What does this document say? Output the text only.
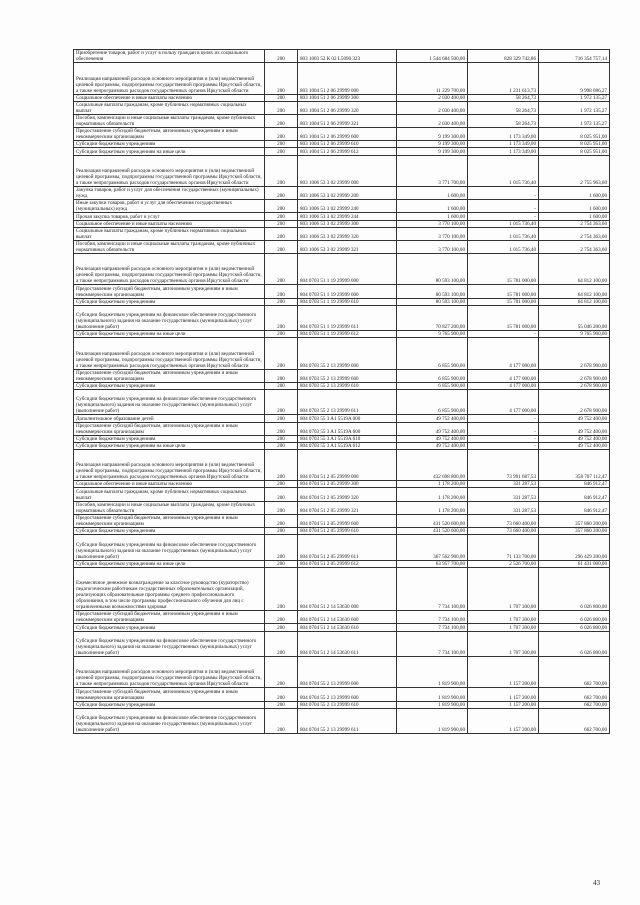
Приобретение товаров, работ и услуг в пользу граждан в целях их социального обеспечения	200	803 1003 52 К 02 L5090 323	1 544 684 500,00	828 329 742,86	716 354 757,14
Реализация направлений расходов основного мероприятия и (или) ведомственной целевой программы, подпрограммы государственной программы Иркутской области, а также непрограммных расходов государственных органов Иркутской области	200	803 1004 51 2 06 29999 000	11 229 700,00	1 231 613,73	9 998 086,27
Социальное обеспечение и иные выплаты населению	200	803 1004 51 2 06 29999 300	2 030 400,00	58 264,73	1 972 135,27
Социальные выплаты гражданам, кроме публичных нормативных социальных выплат	200	803 1004 51 2 06 29999 320	2 030 400,00	58 264,73	1 972 135,27
Пособия, компенсации и иные социальные выплаты гражданам, кроме публичных нормативных обязательств	200	803 1004 51 2 06 29999 321	2 030 400,00	58 264,73	1 972 135,27
Предоставление субсидий бюджетным, автономным учреждениям и иным некоммерческим организациям	200	803 1004 51 2 06 29999 600	9 199 300,00	1 173 349,00	8 025 951,00
Субсидии бюджетным учреждениям	200	803 1004 51 2 06 29999 610	9 199 300,00	1 173 349,00	8 025 951,00
Субсидии бюджетным учреждениям на иные цели	200	803 1004 51 2 06 29999 612	9 199 300,00	1 173 349,00	8 025 951,00
Реализация направлений расходов основного мероприятия и (или) ведомственной целевой программы, подпрограммы государственной программы Иркутской области, а также непрограммных расходов государственных органов Иркутской области	200	803 1006 53 3 02 29999 000	3 771 700,00	1 015 736,40	2 755 963,60
Закупка товаров, работ и услуг для обеспечения государственных (муниципальных) нужд	200	803 1006 53 3 02 29999 200	1 600,00	-	1 600,00
Иные закупки товаров, работ и услуг для обеспечения государственных (муниципальных) нужд	200	803 1006 53 3 02 29999 240	1 600,00	-	1 600,00
Прочая закупка товаров, работ и услуг	200	803 1006 53 3 02 29999 244	1 600,00	-	1 600,00
Социальное обеспечение и иные выплаты населению	200	803 1006 53 3 02 29999 300	3 770 100,00	1 015 736,40	2 754 363,60
Социальные выплаты гражданам, кроме публичных нормативных социальных выплат	200	803 1006 53 3 02 29999 320	3 770 100,00	1 015 736,40	2 754 363,60
Пособия, компенсации и иные социальные выплаты гражданам, кроме публичных нормативных обязательств	200	803 1006 53 3 02 29999 321	3 770 100,00	1 015 736,40	2 754 363,60
Реализация направлений расходов основного мероприятия и (или) ведомственной целевой программы, подпрограммы государственной программы Иркутской области, а также непрограммных расходов государственных органов Иркутской области	200	804 0703 51 1 19 29999 000	80 593 100,00	15 781 000,00	64 812 100,00
Предоставление субсидий бюджетным, автономным учреждениям и иным некоммерческим организациям	200	804 0703 51 1 19 29999 600	80 593 100,00	15 781 000,00	64 812 100,00
Субсидии бюджетным учреждениям	200	804 0703 51 1 19 29999 610	80 593 100,00	15 781 000,00	64 812 100,00
Субсидии бюджетным учреждениям на финансовое обеспечение государственного (муниципального) задания на оказание государственных (муниципальных) услуг (выполнение работ)	200	804 0703 51 1 19 29999 611	70 827 200,00	15 781 000,00	55 046 200,00
Субсидии бюджетным учреждениям на иные цели	200	804 0703 51 1 19 29999 612	9 765 900,00	-	9 765 900,00
Реализация направлений расходов основного мероприятия и (или) ведомственной целевой программы, подпрограммы государственной программы Иркутской области, а также непрограммных расходов государственных органов Иркутской области	200	804 0703 55 2 13 29999 000	6 855 900,00	4 177 000,00	2 678 900,00
Предоставление субсидий бюджетным, автономным учреждениям и иным некоммерческим организациям	200	804 0703 55 2 13 29999 600	6 855 900,00	4 177 000,00	2 678 900,00
Субсидии бюджетным учреждениям	200	804 0703 55 2 13 29999 610	6 855 900,00	4 177 000,00	2 678 900,00
Субсидии бюджетным учреждениям на финансовое обеспечение государственного (муниципального) задания на оказание государственных (муниципальных) услуг (выполнение работ)	200	804 0703 55 2 13 29999 611	6 855 900,00	4 177 000,00	2 678 900,00
Дополнительное образование детей	200	804 0703 55 3 A1 5519A 000	49 752 400,00	-	49 752 400,00
Предоставление субсидий бюджетным, автономным учреждениям и иным некоммерческим организациям	200	804 0703 55 3 A1 5519A 600	49 752 400,00	-	49 752 400,00
Субсидии бюджетным учреждениям	200	804 0703 55 3 A1 5519A 610	49 752 400,00	-	49 752 400,00
Субсидии бюджетным учреждениям на иные цели	200	804 0703 55 3 A1 5519A 612	49 752 400,00	-	49 752 400,00
Реализация направлений расходов основного мероприятия и (или) ведомственной целевой программы, подпрограммы государственной программы Иркутской области, а также непрограммных расходов государственных органов Иркутской области	200	804 0704 51 2 05 29999 000	432 698 800,00	73 991 687,53	358 707 112,47
Социальное обеспечение и иные выплаты населению	200	804 0704 51 2 05 29999 300	1 178 200,00	331 287,53	846 912,47
Социальные выплаты гражданам, кроме публичных нормативных социальных выплат	200	804 0704 51 2 05 29999 320	1 178 200,00	331 287,53	846 912,47
Пособия, компенсации и иные социальные выплаты гражданам, кроме публичных нормативных обязательств	200	804 0704 51 2 05 29999 321	1 178 200,00	331 287,53	846 912,47
Предоставление субсидий бюджетным, автономным учреждениям и иным некоммерческим организациям	200	804 0704 51 2 05 29999 600	431 520 600,00	73 660 400,00	357 860 200,00
Субсидии бюджетным учреждениям	200	804 0704 51 2 05 29999 610	431 520 600,00	73 660 400,00	357 860 200,00
Субсидии бюджетным учреждениям на финансовое обеспечение государственного (муниципального) задания на оказание государственных (муниципальных) услуг (выполнение работ)	200	804 0704 51 2 05 29999 611	367 562 900,00	71 133 700,00	296 429 200,00
Субсидии бюджетным учреждениям на иные цели	200	804 0704 51 2 05 29999 612	63 957 700,00	2 526 700,00	61 431 000,00
Ежемесячное денежное вознаграждение за классное руководство (кураторство) педагогическим работникам государственных образовательных организаций, реализующих образовательные программы среднего профессионального образования, в том числе программы профессионального обучения для лиц с ограниченными возможностями здоровья	200	804 0704 51 2 14 53630 000	7 734 100,00	1 707 300,00	6 026 800,00
Предоставление субсидий бюджетным, автономным учреждениям и иным некоммерческим организациям	200	804 0704 51 2 14 53630 600	7 734 100,00	1 707 300,00	6 026 800,00
Субсидии бюджетным учреждениям	200	804 0704 51 2 14 53630 610	7 734 100,00	1 707 300,00	6 026 800,00
Субсидии бюджетным учреждениям на финансовое обеспечение государственного (муниципального) задания на оказание государственных (муниципальных) услуг (выполнение работ)	200	804 0704 51 2 14 53630 611	7 734 100,00	1 707 300,00	6 026 800,00
Реализация направлений расходов основного мероприятия и (или) ведомственной целевой программы, подпрограммы государственной программы Иркутской области, а также непрограммных расходов государственных органов Иркутской области	200	804 0704 55 2 13 29999 000	1 819 900,00	1 157 200,00	662 700,00
Предоставление субсидий бюджетным, автономным учреждениям и иным некоммерческим организациям	200	804 0704 55 2 13 29999 600	1 819 900,00	1 157 200,00	662 700,00
Субсидии бюджетным учреждениям	200	804 0704 55 2 13 29999 610	1 819 900,00	1 157 200,00	662 700,00
Субсидии бюджетным учреждениям на финансовое обеспечение государственного (муниципального) задания на оказание государственных (муниципальных) услуг (выполнение работ)	200	804 0704 55 2 13 29999 611	1 819 900,00	1 157 200,00	662 700,00
43
